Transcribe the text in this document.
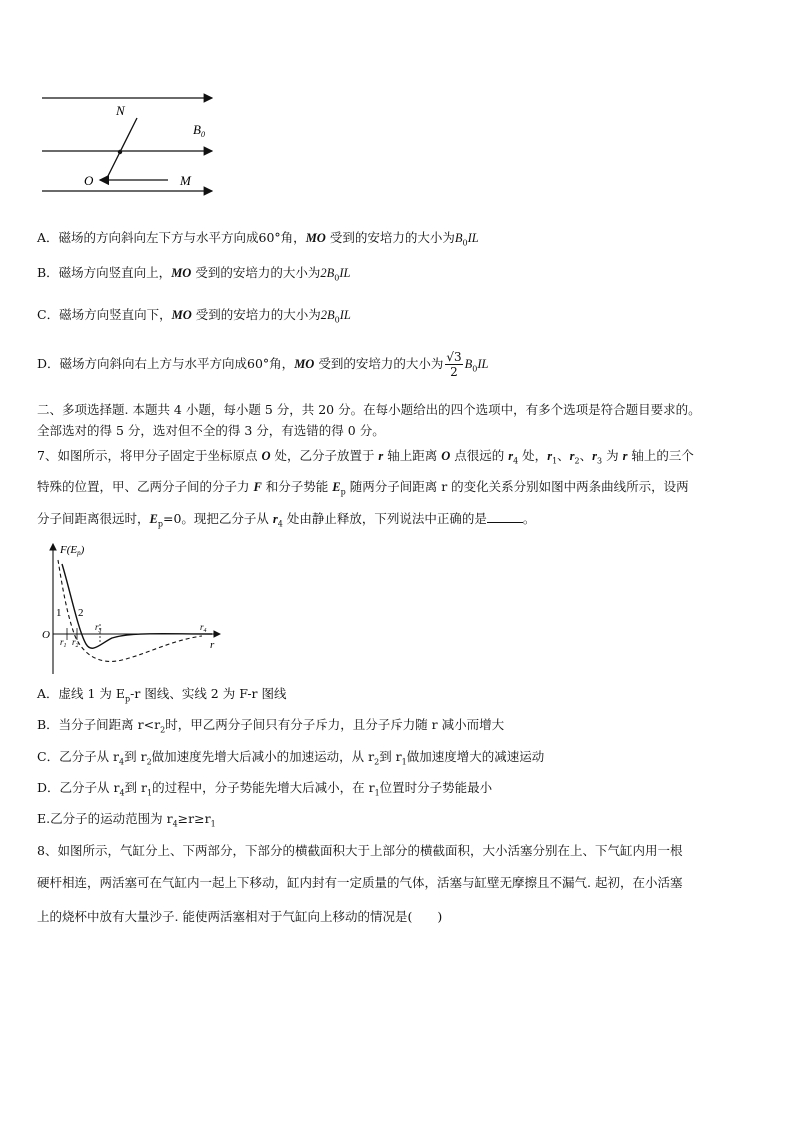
N
$B_0$
O	M
A．磁场的方向斜向左下方与水平方向成60°角，MO 受到的安培力的大小为$B_0IL$
B．磁场方向竖直向上，MO 受到的安培力的大小为$2B_0IL$
C．磁场方向竖直向下，MO 受到的安培力的大小为$2B_0IL$
D．磁场方向斜向右上方与水平方向成60°角，MO 受到的安培力的大小为 $\frac{√3}{2} B_0IL$
二、多项选择题. 本题共 4 小题，每小题 5 分，共 20 分。在每小题给出的四个选项中，有多个选项是符合题目要求的。
全部选对的得 5 分，选对但不全的得 3 分，有选错的得 0 分。
7、如图所示，将甲分子固定于坐标原点 O 处，乙分子放置于 r 轴上距离 O 点很远的 $r_4$ 处，$r_1$、$r_2$、$r_3$ 为 r 轴上的三个
特殊的位置，甲、乙两分子间的分子力 F 和分子势能 $E_p$ 随两分子间距离 r 的变化关系分别如图中两条曲线所示，设两
分子间距离很远时，$E_p=0$。现把乙分子从 $r_4$ 处由静止释放，下列说法中正确的是	。
F(Ep)
O
1 2
$r_1$ $r_2$
$r_3$	$r_4$
r
A．虚线 1 为 $E_p-r$ 图线、实线 2 为 F-r 图线
B．当分子间距离 $r<r_2$时，甲乙两分子间只有分子斥力，且分子斥力随 r 减小而增大
C．乙分子从 $r_4$到 $r_2$做加速度先增大后减小的加速运动，从 $r_2$到 $r_1$做加速度增大的减速运动
D．乙分子从 $r_4$到 $r_1$的过程中，分子势能先增大后减小，在 $r_1$位置时分子势能最小
E.乙分子的运动范围为 $r_4\ge r\ge r_1$
8、如图所示，气缸分上、下两部分，下部分的横截面积大于上部分的横截面积，大小活塞分别在上、下气缸内用一根
硬杆相连，两活塞可在气缸内一起上下移动，缸内封有一定质量的气体，活塞与缸壁无摩擦且不漏气. 起初，在小活塞
上的烧杯中放有大量沙子. 能使两活塞相对于气缸向上移动的情况是(　　)
